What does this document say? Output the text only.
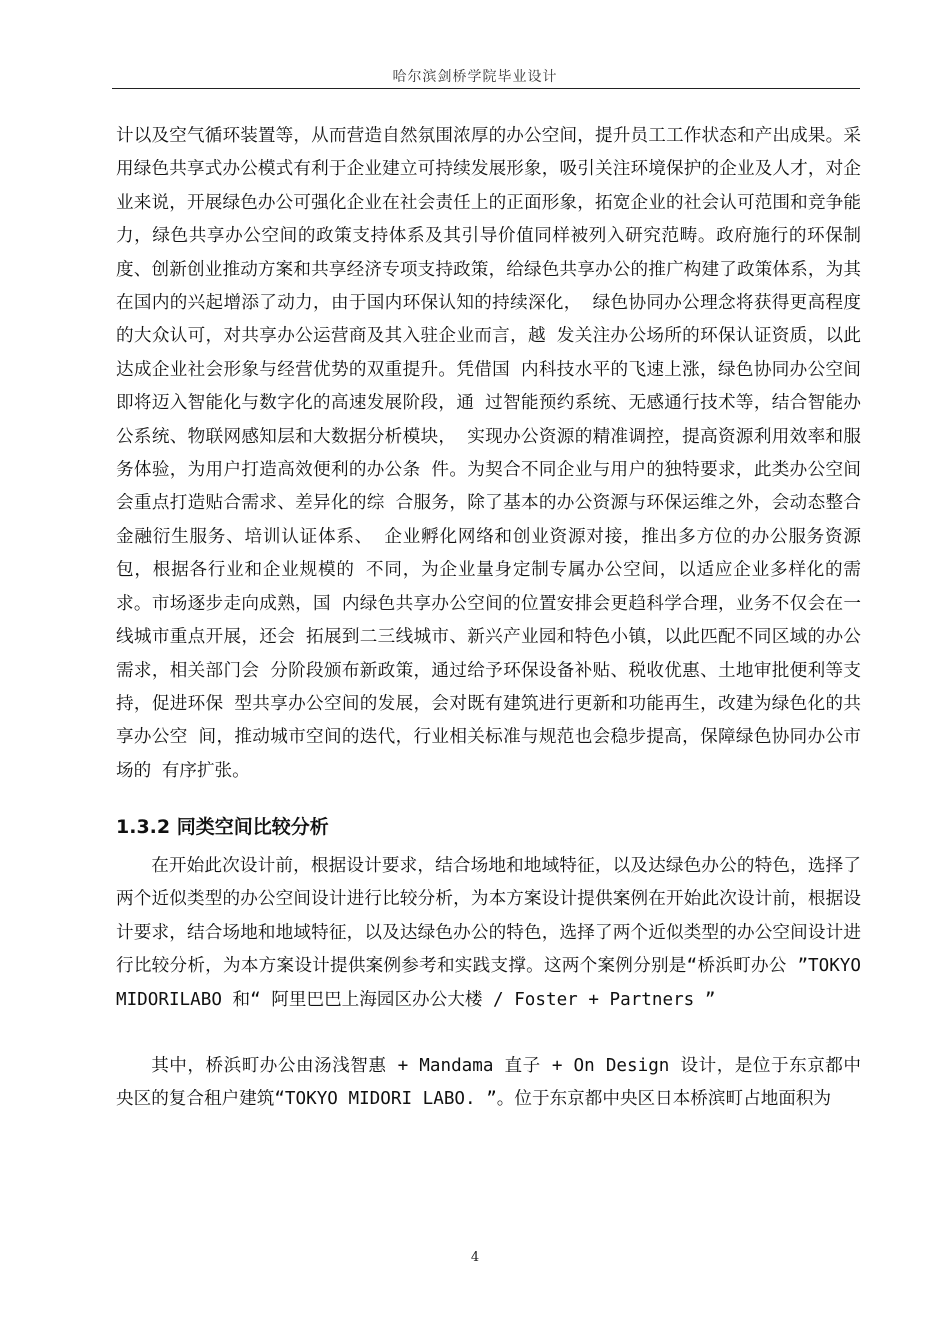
哈尔滨剑桥学院毕业设计

计以及空气循环装置等，从而营造自然氛围浓厚的办公空间，提升员工工作状态和产出成果。采用绿色共享式办公模式有利于企业建立可持续发展形象，吸引关注环境保护的企业及人才，对企业来说，开展绿色办公可强化企业在社会责任上的正面形象，拓宽企业的社会认可范围和竞争能力，绿色共享办公空间的政策支持体系及其引导价值同样被列入研究范畴。政府施行的环保制度、创新创业推动方案和共享经济专项支持政策，给绿色共享办公的推广构建了政策体系，为其在国内的兴起增添了动力，由于国内环保认知的持续深化， 绿色协同办公理念将获得更高程度的大众认可，对共享办公运营商及其入驻企业而言，越 发关注办公场所的环保认证资质，以此达成企业社会形象与经营优势的双重提升。凭借国 内科技水平的飞速上涨，绿色协同办公空间即将迈入智能化与数字化的高速发展阶段，通 过智能预约系统、无感通行技术等，结合智能办公系统、物联网感知层和大数据分析模块， 实现办公资源的精准调控，提高资源利用效率和服务体验，为用户打造高效便利的办公条 件。为契合不同企业与用户的独特要求，此类办公空间会重点打造贴合需求、差异化的综 合服务，除了基本的办公资源与环保运维之外，会动态整合金融衍生服务、培训认证体系、 企业孵化网络和创业资源对接，推出多方位的办公服务资源包，根据各行业和企业规模的 不同，为企业量身定制专属办公空间，以适应企业多样化的需求。市场逐步走向成熟，国 内绿色共享办公空间的位置安排会更趋科学合理，业务不仅会在一线城市重点开展，还会 拓展到二三线城市、新兴产业园和特色小镇，以此匹配不同区域的办公需求，相关部门会 分阶段颁布新政策，通过给予环保设备补贴、税收优惠、土地审批便利等支持，促进环保 型共享办公空间的发展，会对既有建筑进行更新和功能再生，改建为绿色化的共享办公空 间，推动城市空间的迭代，行业相关标准与规范也会稳步提高，保障绿色协同办公市场的 有序扩张。

1.3.2 同类空间比较分析

在开始此次设计前，根据设计要求，结合场地和地域特征，以及达绿色办公的特色，选择了两个近似类型的办公空间设计进行比较分析，为本方案设计提供案例在开始此次设计前，根据设计要求，结合场地和地域特征，以及达绿色办公的特色，选择了两个近似类型的办公空间设计进行比较分析，为本方案设计提供案例参考和实践支撑。这两个案例分别是“桥浜町办公 ”TOKYO MIDORILABO 和“ 阿里巴巴上海园区办公大楼 / Foster + Partners ”

其中，桥浜町办公由汤浅智惠 + Mandama 直子 + On Design 设计，是位于东京都中央区的复合租户建筑“TOKYO MIDORI LABO. ”。位于东京都中央区日本桥滨町占地面积为

4
